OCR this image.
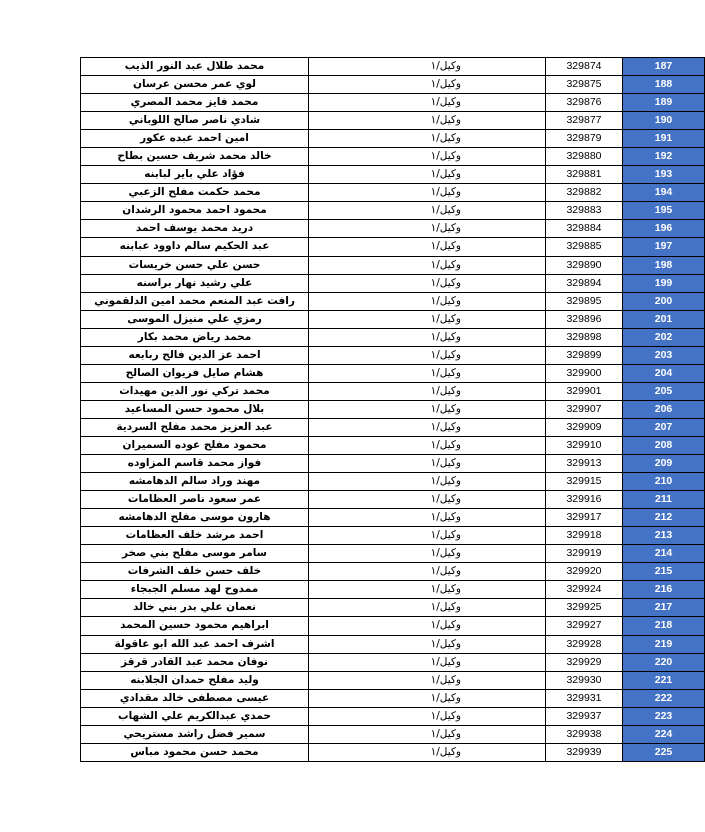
محمد طلال عبد النور الذيب	وكيل/١	329874	187
لوي عمر محسن عرسان	وكيل/١	329875	188
محمد فايز محمد المصري	وكيل/١	329876	189
شادي ناصر صالح اللوباني	وكيل/١	329877	190
امين احمد عبده عكور	وكيل/١	329879	191
خالد محمد شريف حسين بطاح	وكيل/١	329880	192
فؤاد علي باير لبابنه	وكيل/١	329881	193
محمد حكمت مفلح الزعبي	وكيل/١	329882	194
محمود احمد محمود الرشدان	وكيل/١	329883	195
دريد محمد يوسف احمد	وكيل/١	329884	196
عبد الحكيم سالم داوود عبابنه	وكيل/١	329885	197
حسن علي حسن خريسات	وكيل/١	329890	198
علي رشيد نهار براسنه	وكيل/١	329894	199
رافت عبد المنعم محمد امين الدلقموني	وكيل/١	329895	200
رمزي علي منيزل الموسى	وكيل/١	329896	201
محمد رياض محمد بكار	وكيل/١	329898	202
احمد عز الدين فالح ربابعه	وكيل/١	329899	203
هشام صايل فريوان الصالح	وكيل/١	329900	204
محمد تركي نور الدين مهيدات	وكيل/١	329901	205
بلال محمود حسن المساعيد	وكيل/١	329907	206
عبد العزيز محمد مفلح السردية	وكيل/١	329909	207
محمود مفلح عوده السميران	وكيل/١	329910	208
فواز محمد قاسم المزاوده	وكيل/١	329913	209
مهند وراد سالم الدهامشه	وكيل/١	329915	210
عمر سعود ناصر العظامات	وكيل/١	329916	211
هارون موسى مفلح الدهامشه	وكيل/١	329917	212
احمد مرشد خلف العظامات	وكيل/١	329918	213
سامر موسى مفلح بني صخر	وكيل/١	329919	214
خلف حسن خلف الشرفات	وكيل/١	329920	215
ممدوح لهد مسلم الجبجاء	وكيل/١	329924	216
نعمان علي بدر بني خالد	وكيل/١	329925	217
ابراهيم محمود حسين المحمد	وكيل/١	329927	218
اشرف احمد عبد الله ابو عاقولة	وكيل/١	329928	219
نوفان محمد عبد القادر قرقز	وكيل/١	329929	220
وليد مفلح حمدان الجلابنه	وكيل/١	329930	221
عيسى مصطفى خالد مقدادي	وكيل/١	329931	222
حمدي عبدالكريم علي الشهاب	وكيل/١	329937	223
سمير فضل راشد مستريحي	وكيل/١	329938	224
محمد حسن محمود مباس	وكيل/١	329939	225
